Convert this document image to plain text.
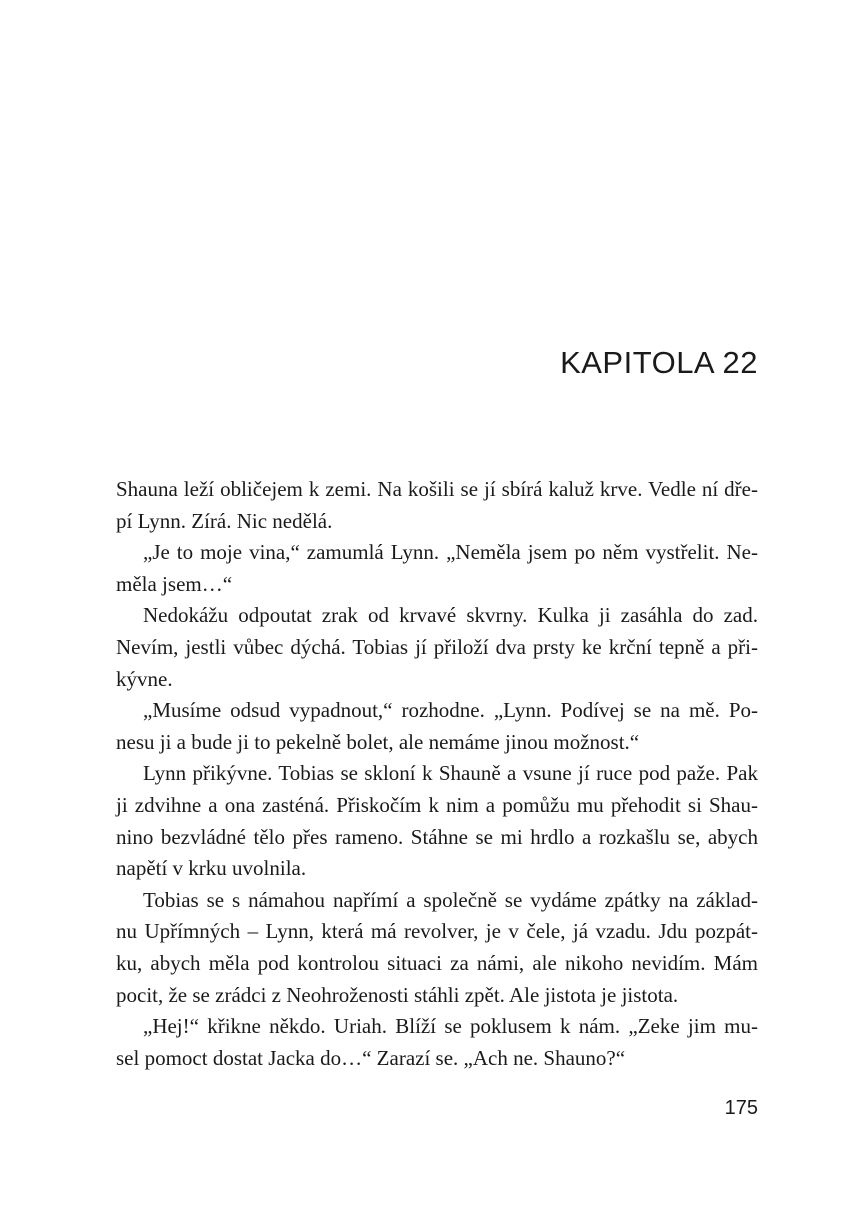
KAPITOLA 22
Shauna leží obličejem k zemi. Na košili se jí sbírá kaluž krve. Vedle ní dře-
pí Lynn. Zírá. Nic nedělá.
„Je to moje vina,“ zamumlá Lynn. „Neměla jsem po něm vystřelit. Ne-
měla jsem…“
Nedokážu odpoutat zrak od krvavé skvrny. Kulka ji zasáhla do zad.
Nevím, jestli vůbec dýchá. Tobias jí přiloží dva prsty ke krční tepně a při-
kývne.
„Musíme odsud vypadnout,“ rozhodne. „Lynn. Podívej se na mě. Po-
nesu ji a bude ji to pekelně bolet, ale nemáme jinou možnost.“
Lynn přikývne. Tobias se skloní k Shauně a vsune jí ruce pod paže. Pak
ji zdvihne a ona zasténá. Přiskočím k nim a pomůžu mu přehodit si Shau-
nino bezvládné tělo přes rameno. Stáhne se mi hrdlo a rozkašlu se, abych
napětí v krku uvolnila.
Tobias se s námahou napřímí a společně se vydáme zpátky na základ-
nu Upřímných – Lynn, která má revolver, je v čele, já vzadu. Jdu pozpát-
ku, abych měla pod kontrolou situaci za námi, ale nikoho nevidím. Mám
pocit, že se zrádci z Neohroženosti stáhli zpět. Ale jistota je jistota.
„Hej!“ křikne někdo. Uriah. Blíží se poklusem k nám. „Zeke jim mu-
sel pomoct dostat Jacka do…“ Zarazí se. „Ach ne. Shauno?“
175
